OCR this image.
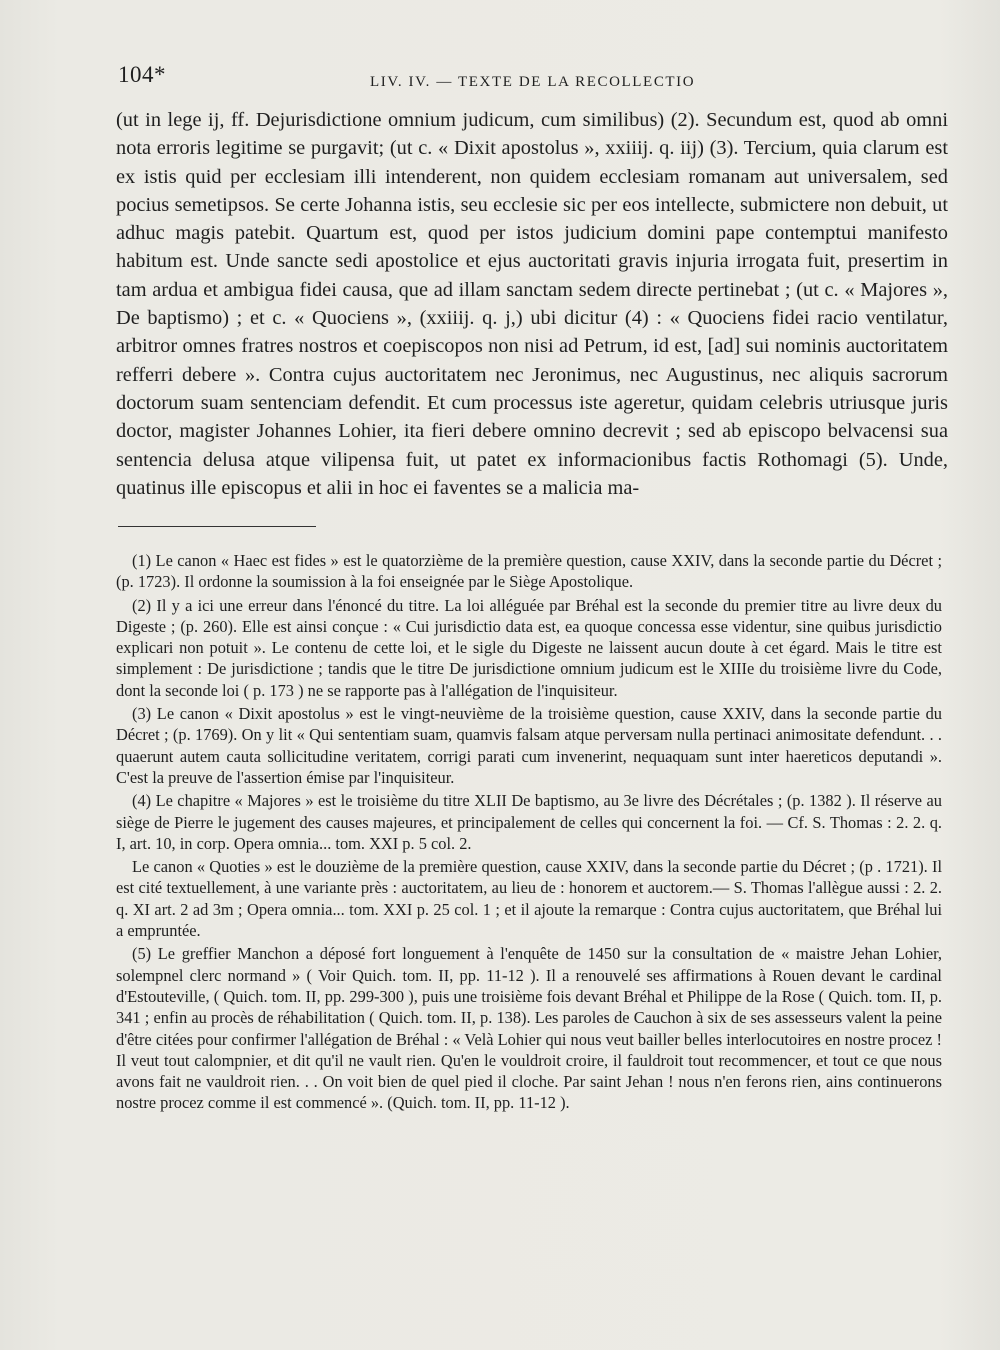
104*	LIV. IV. — TEXTE DE LA RECOLLECTIO

(ut in lege ij, ff. Dejurisdictione omnium judicum, cum similibus) (2). Secundum est, quod ab omni nota erroris legitime se purgavit; (ut c. « Dixit apostolus », xxiiij. q. iij) (3). Tercium, quia clarum est ex istis quid per ecclesiam illi intenderent, non quidem ecclesiam romanam aut universalem, sed pocius semetipsos. Se certe Johanna istis, seu ecclesie sic per eos intellecte, submictere non debuit, ut adhuc magis patebit. Quartum est, quod per istos judicium domini pape contemptui manifesto habitum est. Unde sancte sedi apostolice et ejus auctoritati gravis injuria irrogata fuit, presertim in tam ardua et ambigua fidei causa, que ad illam sanctam sedem directe pertinebat ; (ut c. « Majores », De baptismo) ; et c. « Quociens », (xxiiij. q. j,) ubi dicitur (4) : « Quociens fidei racio ventilatur, arbitror omnes fratres nostros et coepiscopos non nisi ad Petrum, id est, [ad] sui nominis auctoritatem refferri debere ». Contra cujus auctoritatem nec Jeronimus, nec Augustinus, nec aliquis sacrorum doctorum suam sentenciam defendit. Et cum processus iste ageretur, quidam celebris utriusque juris doctor, magister Johannes Lohier, ita fieri debere omnino decrevit ; sed ab episcopo belvacensi sua sentencia delusa atque vilipensa fuit, ut patet ex informacionibus factis Rothomagi (5). Unde, quatinus ille episcopus et alii in hoc ei faventes se a malicia ma-

(1) Le canon « Haec est fides » est le quatorzième de la première question, cause XXIV, dans la seconde partie du Décret ; (p. 1723). Il ordonne la soumission à la foi enseignée par le Siège Apostolique.

(2) Il y a ici une erreur dans l'énoncé du titre. La loi alléguée par Bréhal est la seconde du premier titre au livre deux du Digeste ; (p. 260). Elle est ainsi conçue : « Cui jurisdictio data est, ea quoque concessa esse videntur, sine quibus jurisdictio explicari non potuit ». Le contenu de cette loi, et le sigle du Digeste ne laissent aucun doute à cet égard. Mais le titre est simplement : De jurisdictione ; tandis que le titre De jurisdictione omnium judicum est le XIIIe du troisième livre du Code, dont la seconde loi ( p. 173 ) ne se rapporte pas à l'allégation de l'inquisiteur.

(3) Le canon « Dixit apostolus » est le vingt-neuvième de la troisième question, cause XXIV, dans la seconde partie du Décret ; (p. 1769). On y lit « Qui sententiam suam, quamvis falsam atque perversam nulla pertinaci animositate defendunt. . . quaerunt autem cauta sollicitudine veritatem, corrigi parati cum invenerint, nequaquam sunt inter haereticos deputandi ». C'est la preuve de l'assertion émise par l'inquisiteur.

(4) Le chapitre « Majores » est le troisième du titre XLII De baptismo, au 3e livre des Décrétales ; (p. 1382 ). Il réserve au siège de Pierre le jugement des causes majeures, et principalement de celles qui concernent la foi. — Cf. S. Thomas : 2. 2. q. I, art. 10, in corp. Opera omnia... tom. XXI p. 5 col. 2.

Le canon « Quoties » est le douzième de la première question, cause XXIV, dans la seconde partie du Décret ; (p . 1721). Il est cité textuellement, à une variante près : auctoritatem, au lieu de : honorem et auctorem.— S. Thomas l'allègue aussi : 2. 2. q. XI art. 2 ad 3m ; Opera omnia... tom. XXI p. 25 col. 1 ; et il ajoute la remarque : Contra cujus auctoritatem, que Bréhal lui a empruntée.

(5) Le greffier Manchon a déposé fort longuement à l'enquête de 1450 sur la consultation de « maistre Jehan Lohier, solempnel clerc normand » ( Voir Quich. tom. II, pp. 11-12 ). Il a renouvelé ses affirmations à Rouen devant le cardinal d'Estouteville, ( Quich. tom. II, pp. 299-300 ), puis une troisième fois devant Bréhal et Philippe de la Rose ( Quich. tom. II, p. 341 ; enfin au procès de réhabilitation ( Quich. tom. II, p. 138). Les paroles de Cauchon à six de ses assesseurs valent la peine d'être citées pour confirmer l'allégation de Bréhal : « Velà Lohier qui nous veut bailler belles interlocutoires en nostre procez ! Il veut tout calompnier, et dit qu'il ne vault rien. Qu'en le vouldroit croire, il fauldroit tout recommencer, et tout ce que nous avons fait ne vauldroit rien. . . On voit bien de quel pied il cloche. Par saint Jehan ! nous n'en ferons rien, ains continuerons nostre procez comme il est commencé ». (Quich. tom. II, pp. 11-12 ).
